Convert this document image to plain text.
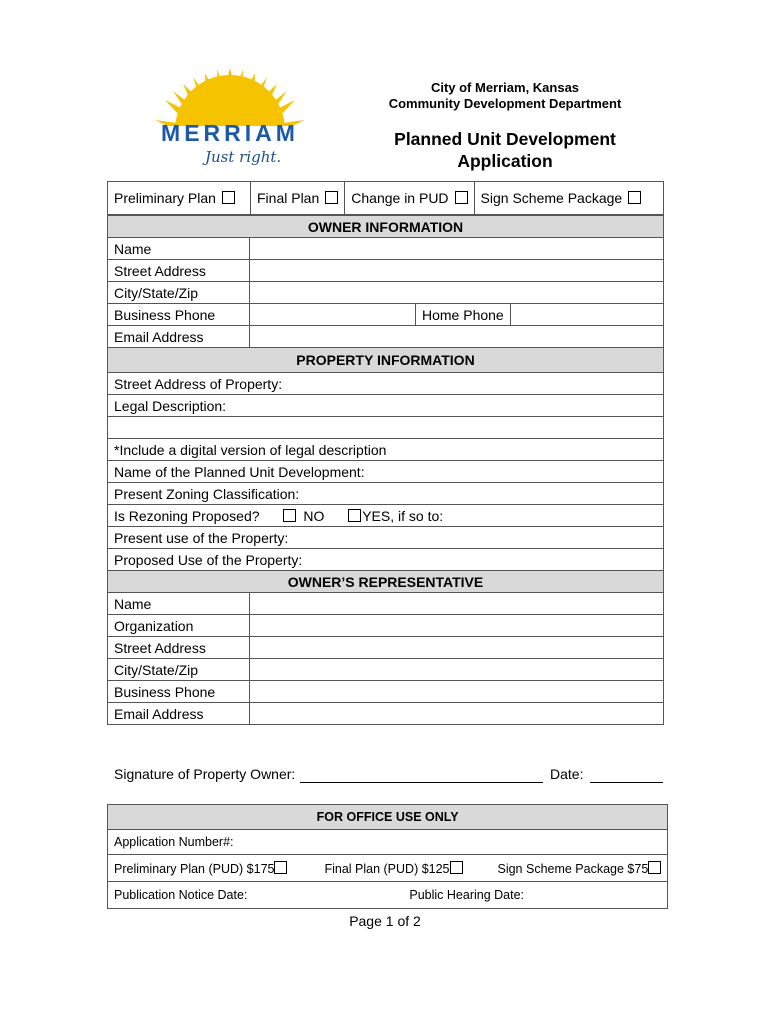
MERRIAM
Just right.
City of Merriam, Kansas
Community Development Department
Planned Unit Development
Application
Preliminary Plan	Final Plan	Change in PUD	Sign Scheme Package
OWNER INFORMATION			
Name			
Street Address			
City/State/Zip			
Business Phone		Home Phone	
Email Address			
PROPERTY INFORMATION			
Street Address of Property:			
Legal Description:			

*Include a digital version of legal description			
Name of the Planned Unit Development:			
Present Zoning Classification:			
Is Rezoning Proposed? NO YES, if so to:			
Present use of the Property:			
Proposed Use of the Property:			
OWNER’S REPRESENTATIVE			
Name			
Organization			
Street Address			
City/State/Zip			
Business Phone			
Email Address			
Signature of Property Owner:	Date:
FOR OFFICE USE ONLY
Application Number#:
Preliminary Plan (PUD) $175	Final Plan (PUD) $125	Sign Scheme Package $75
Publication Notice Date:	Public Hearing Date:
Page 1 of 2
